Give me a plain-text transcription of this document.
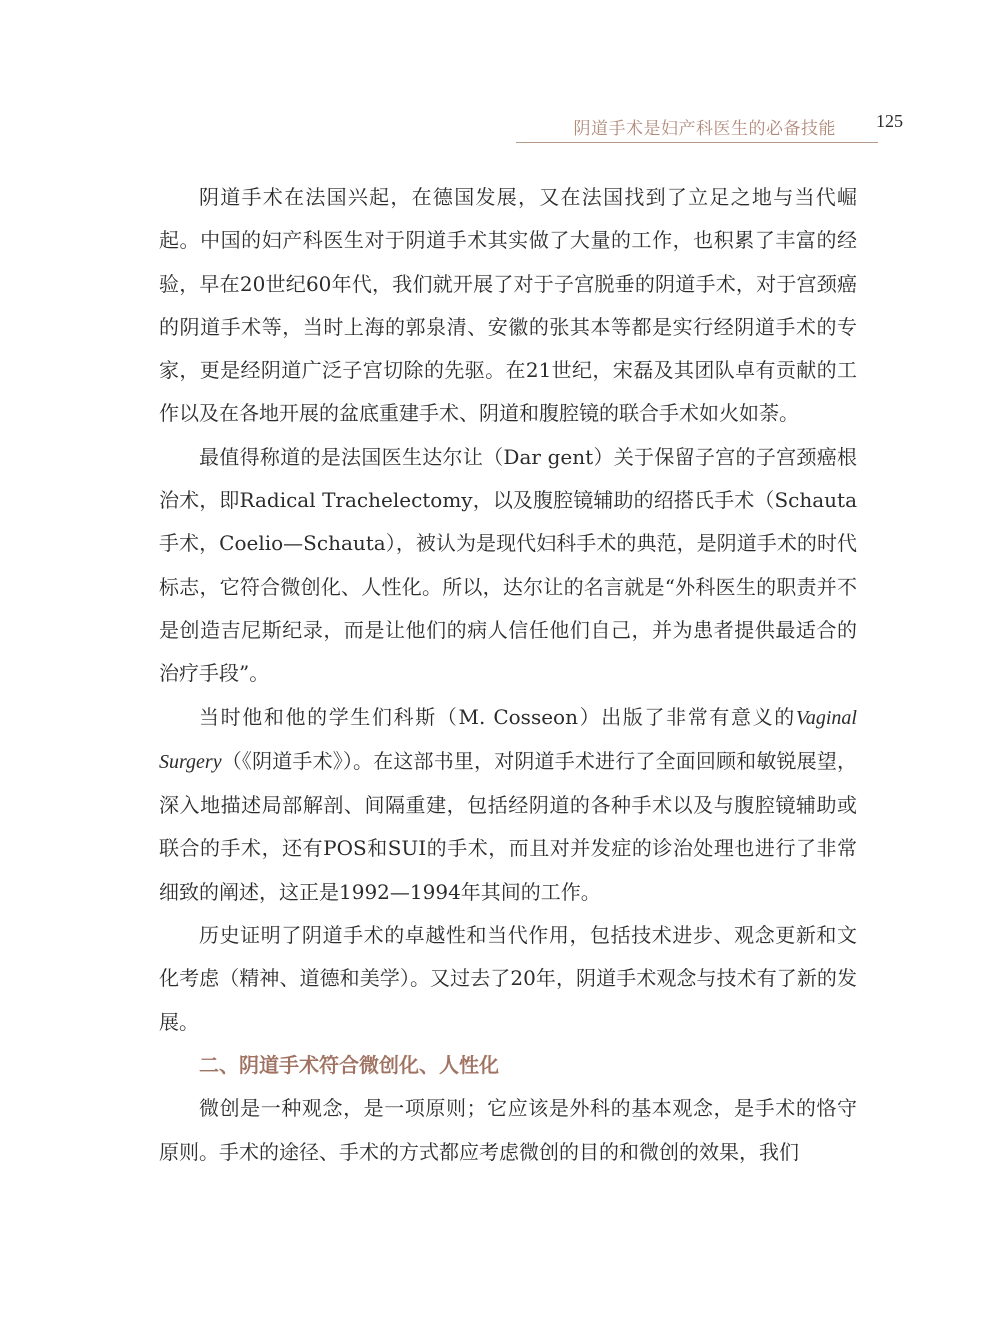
阴道手术是妇产科医生的必备技能 125

阴道手术在法国兴起，在德国发展，又在法国找到了立足之地与当代崛起。中国的妇产科医生对于阴道手术其实做了大量的工作，也积累了丰富的经验，早在20世纪60年代，我们就开展了对于子宫脱垂的阴道手术，对于宫颈癌的阴道手术等，当时上海的郭泉清、安徽的张其本等都是实行经阴道手术的专家，更是经阴道广泛子宫切除的先驱。在21世纪，宋磊及其团队卓有贡献的工作以及在各地开展的盆底重建手术、阴道和腹腔镜的联合手术如火如荼。

最值得称道的是法国医生达尔让（Dar gent）关于保留子宫的子宫颈癌根治术，即Radical Trachelectomy，以及腹腔镜辅助的绍搭氏手术（Schauta手术，Coelio—Schauta），被认为是现代妇科手术的典范，是阴道手术的时代标志，它符合微创化、人性化。所以，达尔让的名言就是“外科医生的职责并不是创造吉尼斯纪录，而是让他们的病人信任他们自己，并为患者提供最适合的治疗手段”。

当时他和他的学生们科斯（M. Cosseon）出版了非常有意义的Vaginal Surgery（《阴道手术》）。在这部书里，对阴道手术进行了全面回顾和敏锐展望，深入地描述局部解剖、间隔重建，包括经阴道的各种手术以及与腹腔镜辅助或联合的手术，还有POS和SUI的手术，而且对并发症的诊治处理也进行了非常细致的阐述，这正是1992—1994年其间的工作。

历史证明了阴道手术的卓越性和当代作用，包括技术进步、观念更新和文化考虑（精神、道德和美学）。又过去了20年，阴道手术观念与技术有了新的发展。

二、阴道手术符合微创化、人性化

微创是一种观念，是一项原则；它应该是外科的基本观念，是手术的恪守原则。手术的途径、手术的方式都应考虑微创的目的和微创的效果，我们
